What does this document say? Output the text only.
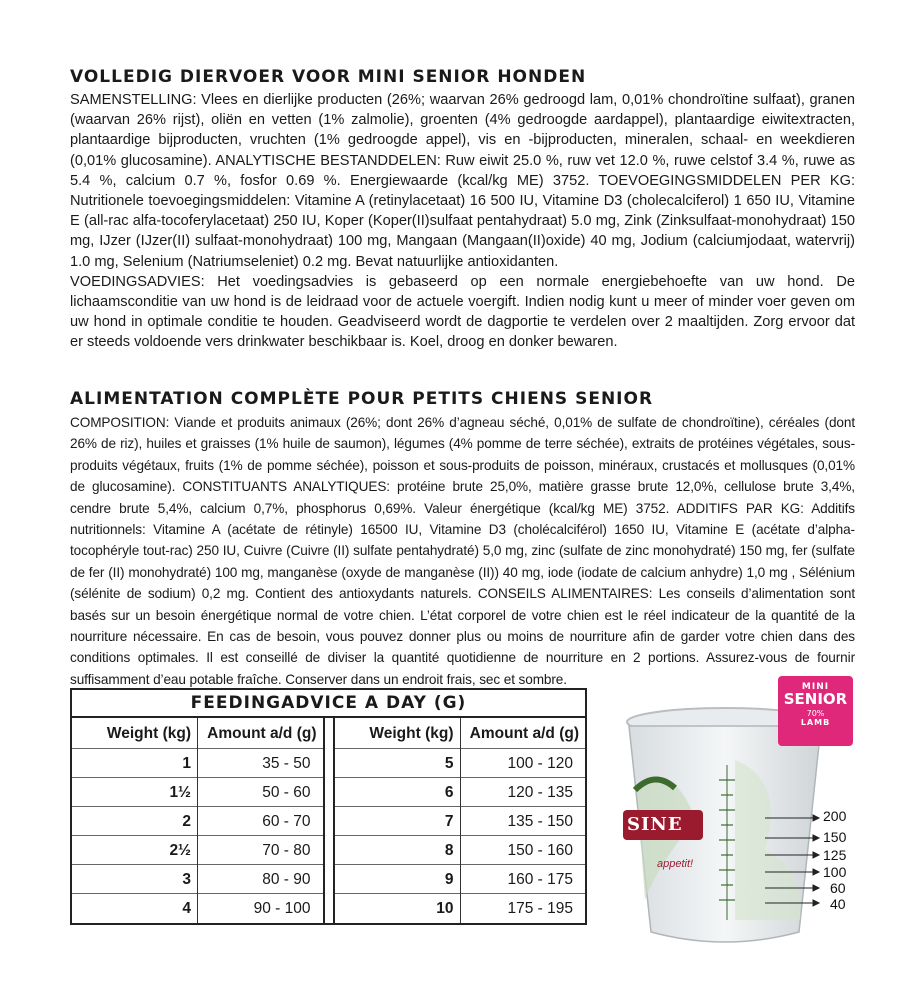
VOLLEDIG DIERVOER VOOR MINI SENIOR HONDEN

SAMENSTELLING: Vlees en dierlijke producten (26%; waarvan 26% gedroogd lam, 0,01% chondroïtine sulfaat), granen (waarvan 26% rijst), oliën en vetten (1% zalmolie), groenten (4% gedroogde aardappel), plantaardige eiwitextracten, plantaardige bijproducten, vruchten (1% gedroogde appel), vis en -bijproducten, mineralen, schaal- en weekdieren (0,01% glucosamine). ANALYTISCHE BESTANDDELEN: Ruw eiwit 25.0 %, ruw vet 12.0 %, ruwe celstof 3.4 %, ruwe as 5.4 %, calcium 0.7 %, fosfor 0.69 %. Energiewaarde (kcal/kg ME) 3752. TOEVOEGINGSMIDDELEN PER KG: Nutritionele toevoegingsmiddelen: Vitamine A (retinylacetaat) 16 500 IU, Vitamine D3 (cholecalciferol) 1 650 IU, Vitamine E (all-rac alfa-tocoferylacetaat) 250 IU, Koper (Koper(II)sulfaat pentahydraat) 5.0 mg, Zink (Zinksulfaat-monohydraat) 150 mg, IJzer (IJzer(II) sulfaat-monohydraat) 100 mg, Mangaan (Mangaan(II)oxide) 40 mg, Jodium (calciumjodaat, watervrij) 1.0 mg, Selenium (Natriumseleniet) 0.2 mg. Bevat natuurlijke antioxidanten.

VOEDINGSADVIES: Het voedingsadvies is gebaseerd op een normale energiebehoefte van uw hond. De lichaamsconditie van uw hond is de leidraad voor de actuele voergift. Indien nodig kunt u meer of minder voer geven om uw hond in optimale conditie te houden. Geadviseerd wordt de dagportie te verdelen over 2 maaltijden. Zorg ervoor dat er steeds voldoende vers drinkwater beschikbaar is. Koel, droog en donker bewaren.

ALIMENTATION COMPLÈTE POUR PETITS CHIENS SENIOR

COMPOSITION: Viande et produits animaux (26%; dont 26% d’agneau séché, 0,01% de sulfate de chondroïtine), céréales (dont 26% de riz), huiles et graisses (1% huile de saumon), légumes (4% pomme de terre séchée), extraits de protéines végétales, sous-produits végétaux, fruits (1% de pomme séchée), poisson et sous-produits de poisson, minéraux, crustacés et mollusques (0,01% de glucosamine). CONSTITUANTS ANALYTIQUES: protéine brute 25,0%, matière grasse brute 12,0%, cellulose brute 3,4%, cendre brute 5,4%, calcium 0,7%, phosphorus 0,69%. Valeur énergétique (kcal/kg ME) 3752. ADDITIFS PAR KG: Additifs nutritionnels: Vitamine A (acétate de rétinyle) 16500 IU, Vitamine D3 (cholécalciférol) 1650 IU, Vitamine E (acétate d’alpha-tocophéryle tout-rac) 250 IU, Cuivre (Cuivre (II) sulfate pentahydraté) 5,0 mg, zinc (sulfate de zinc monohydraté) 150 mg, fer (sulfate de fer (II) monohydraté) 100 mg, manganèse (oxyde de manganèse (II)) 40 mg, iode (iodate de calcium anhydre) 1,0 mg , Sélénium (sélénite de sodium) 0,2 mg. Contient des antioxydants naturels. CONSEILS ALIMENTAIRES: Les conseils d’alimentation sont basés sur un besoin énergétique normal de votre chien. L’état corporel de votre chien est le réel indicateur de la quantité de la nourriture nécessaire. En cas de besoin, vous pouvez donner plus ou moins de nourriture afin de garder votre chien dans des conditions optimales. Il est conseillé de diviser la quantité quotidienne de nourriture en 2 portions. Assurez-vous de fournir suffisamment d’eau potable fraîche. Conserver dans un endroit frais, sec et sombre.

FEEDINGADVICE A DAY (G)
Weight (kg)
1
1½
2
2½
3
4
Amount a/d (g)
35 - 50
50 - 60
60 - 70
70 - 80
80 - 90
90 - 100
Weight (kg)
5
6
7
8
9
10
Amount a/d (g)
100 - 120
120 - 135
135 - 150
150 - 160
160 - 175
175 - 195
SINE
appetit!
MINI
SENIOR
70%
LAMB
200
150
125
100
60
40
